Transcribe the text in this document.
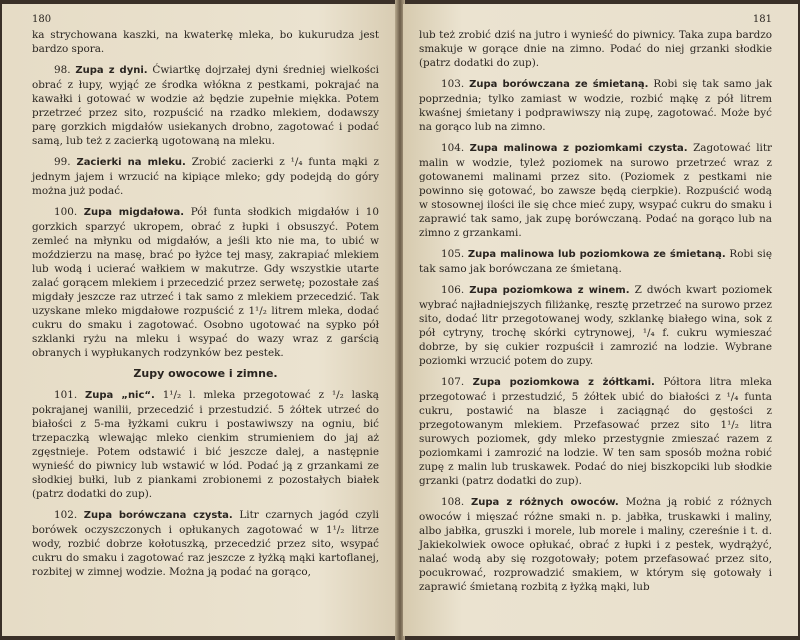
180

ka strychowana kaszki, na kwaterkę mleka, bo kukurudza jest bardzo spora.

98. Zupa z dyni. Ćwiartkę dojrzałej dyni średniej wielkości obrać z łupy, wyjąć ze środka włókna z pestkami, pokrajać na kawałki i gotować w wodzie aż będzie zupełnie miękka. Potem przetrzeć przez sito, rozpuścić na rzadko mlekiem, dodawszy parę gorzkich migdałów usiekanych drobno, zagotować i podać samą, lub też z zacierką ugotowaną na mleku.

99. Zacierki na mleku. Zrobić zacierki z ¹/₄ funta mąki z jednym jajem i wrzucić na kipiące mleko; gdy podejdą do góry można już podać.

100. Zupa migdałowa. Pół funta słodkich migdałów i 10 gorzkich sparzyć ukropem, obrać z łupki i obsuszyć. Potem zemleć na młynku od migdałów, a jeśli kto nie ma, to ubić w moździerzu na masę, brać po łyżce tej masy, zakrapiać mlekiem lub wodą i ucierać wałkiem w makutrze. Gdy wszystkie utarte zalać gorącem mlekiem i przecedzić przez serwetę; pozostałe zaś migdały jeszcze raz utrzeć i tak samo z mlekiem przecedzić. Tak uzyskane mleko migdałowe rozpuścić z 1¹/₂ litrem mleka, dodać cukru do smaku i zagotować. Osobno ugotować na sypko pół szklanki ryżu na mleku i wsypać do wazy wraz z garścią obranych i wypłukanych rodzynków bez pestek.

Zupy owocowe i zimne.

101. Zupa „nic“. 1¹/₂ l. mleka przegotować z ¹/₂ laską pokrajanej wanilii, przecedzić i przestudzić. 5 żółtek utrzeć do białości z 5-ma łyżkami cukru i postawiwszy na ogniu, bić trzepaczką wlewając mleko cienkim strumieniem do jaj aż zgęstnieje. Potem odstawić i bić jeszcze dalej, a następnie wynieść do piwnicy lub wstawić w lód. Podać ją z grzankami ze słodkiej bułki, lub z piankami zrobionemi z pozostałych białek (patrz dodatki do zup).

102. Zupa borówczana czysta. Litr czarnych jagód czyli borówek oczyszczonych i opłukanych zagotować w 1¹/₂ litrze wody, rozbić dobrze kołotuszką, przecedzić przez sito, wsypać cukru do smaku i zagotować raz jeszcze z łyżką mąki kartoflanej, rozbitej w zimnej wodzie. Można ją podać na gorąco,

181

lub też zrobić dziś na jutro i wynieść do piwnicy. Taka zupa bardzo smakuje w gorące dnie na zimno. Podać do niej grzanki słodkie (patrz dodatki do zup).

103. Zupa borówczana ze śmietaną. Robi się tak samo jak poprzednia; tylko zamiast w wodzie, rozbić mąkę z pół litrem kwaśnej śmietany i podprawiwszy nią zupę, zagotować. Może być na gorąco lub na zimno.

104. Zupa malinowa z poziomkami czysta. Zagotować litr malin w wodzie, tyleż poziomek na surowo przetrzeć wraz z gotowanemi malinami przez sito. (Poziomek z pestkami nie powinno się gotować, bo zawsze będą cierpkie). Rozpuścić wodą w stosownej ilości ile się chce mieć zupy, wsypać cukru do smaku i zaprawić tak samo, jak zupę borówczaną. Podać na gorąco lub na zimno z grzankami.

105. Zupa malinowa lub poziomkowa ze śmietaną. Robi się tak samo jak borówczana ze śmietaną.

106. Zupa poziomkowa z winem. Z dwóch kwart poziomek wybrać najładniejszych filiżankę, resztę przetrzeć na surowo przez sito, dodać litr przegotowanej wody, szklankę białego wina, sok z pół cytryny, trochę skórki cytrynowej, ¹/₄ f. cukru wymieszać dobrze, by się cukier rozpuścił i zamrozić na lodzie. Wybrane poziomki wrzucić potem do zupy.

107. Zupa poziomkowa z żółtkami. Półtora litra mleka przegotować i przestudzić, 5 żółtek ubić do białości z ¹/₄ funta cukru, postawić na blasze i zaciągnąć do gęstości z przegotowanym mlekiem. Przefasować przez sito 1¹/₂ litra surowych poziomek, gdy mleko przestygnie zmieszać razem z poziomkami i zamrozić na lodzie. W ten sam sposób można robić zupę z malin lub truskawek. Podać do niej biszkopciki lub słodkie grzanki (patrz dodatki do zup).

108. Zupa z różnych owoców. Można ją robić z różnych owoców i mięszać różne smaki n. p. jabłka, truskawki i maliny, albo jabłka, gruszki i morele, lub morele i maliny, czereśnie i t. d. Jakiekolwiek owoce opłukać, obrać z łupki i z pestek, wydrążyć, nalać wodą aby się rozgotowały; potem przefasować przez sito, pocukrować, rozprowadzić smakiem, w którym się gotowały i zaprawić śmietaną rozbitą z łyżką mąki, lub
